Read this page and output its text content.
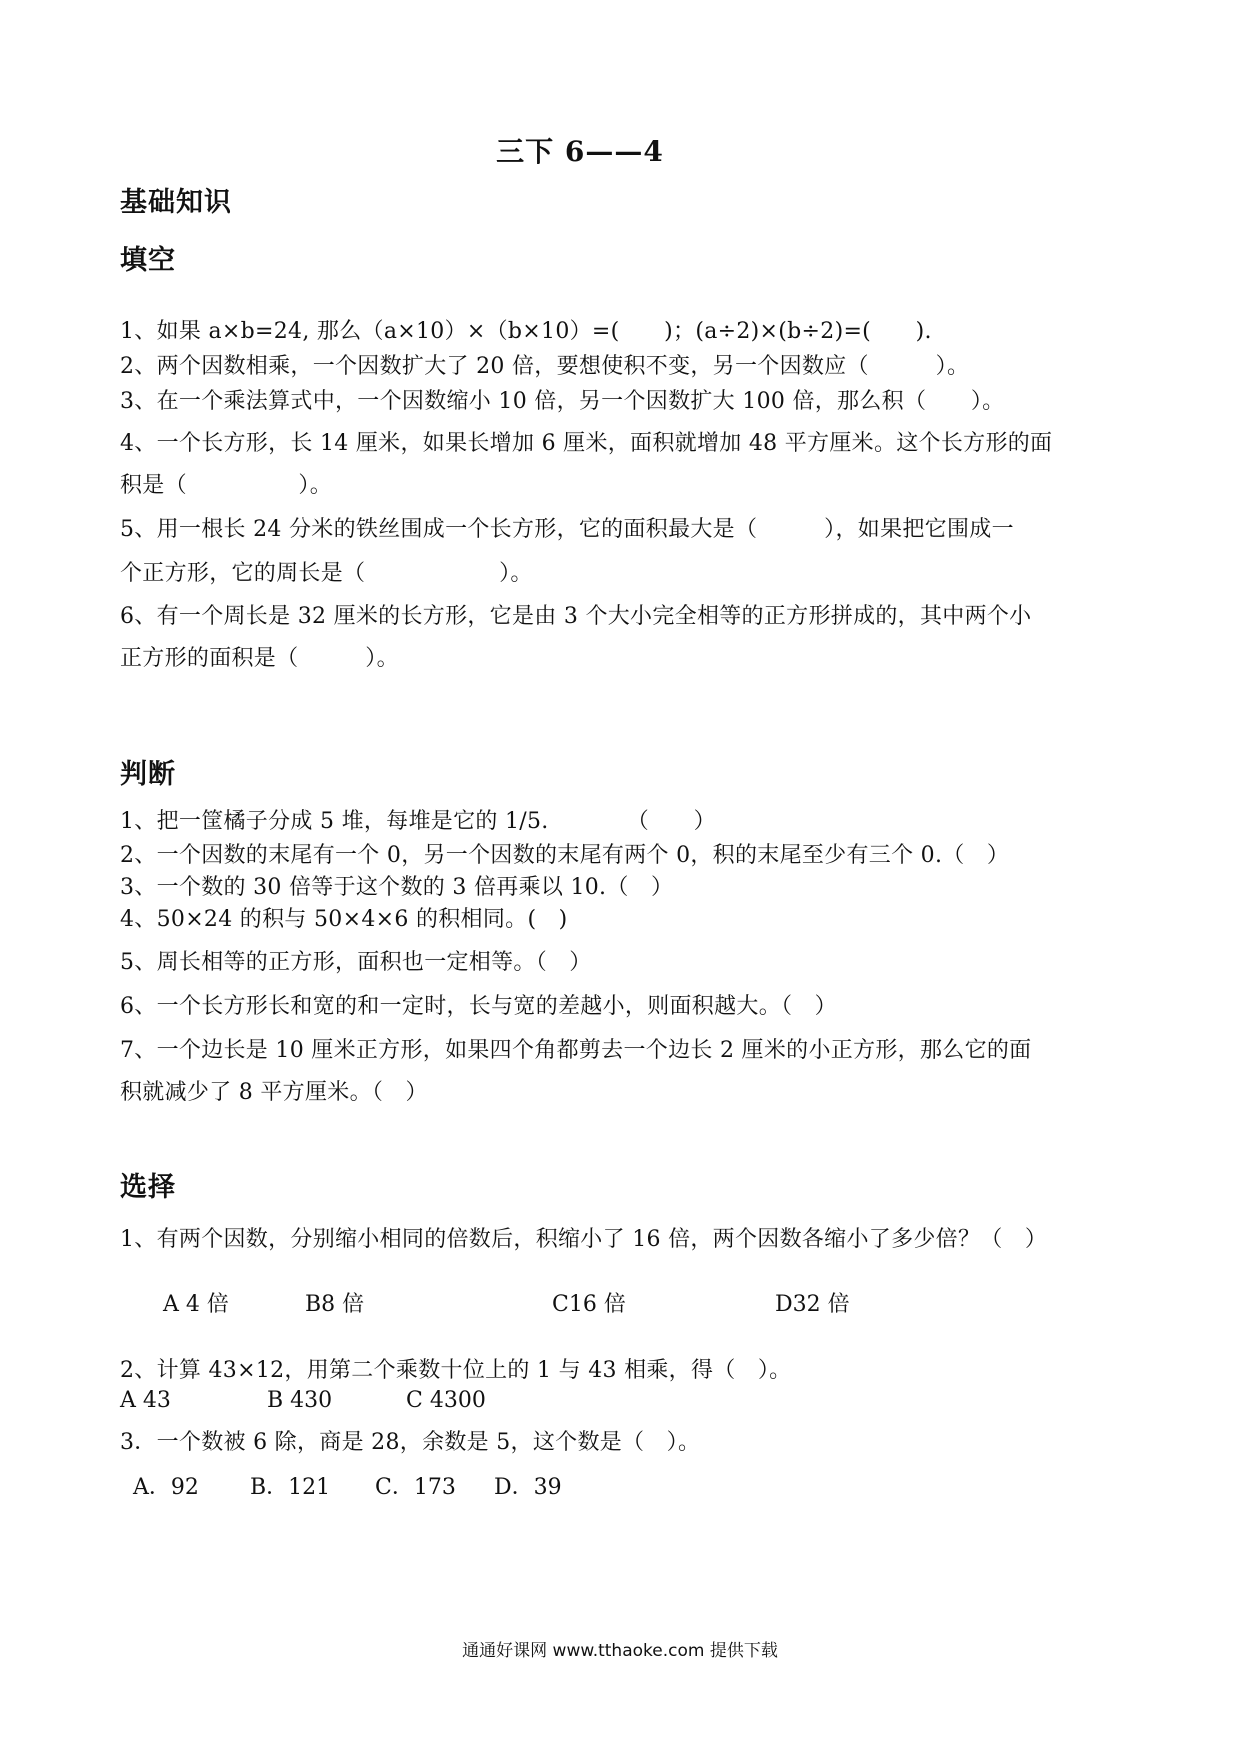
三下 6——4
基础知识
填空
1、如果 a×b=24, 那么（a×10）×（b×10）=(　　)；(a÷2)×(b÷2)=(　　).
2、两个因数相乘，一个因数扩大了 20 倍，要想使积不变，另一个因数应（　　　）。
3、在一个乘法算式中，一个因数缩小 10 倍，另一个因数扩大 100 倍，那么积（　　）。
4、一个长方形，长 14 厘米，如果长增加 6 厘米，面积就增加 48 平方厘米。这个长方形的面
积是（　　　　　）。
5、用一根长 24 分米的铁丝围成一个长方形，它的面积最大是（　　　），如果把它围成一
个正方形，它的周长是（　　　　　　）。
6、有一个周长是 32 厘米的长方形，它是由 3 个大小完全相等的正方形拼成的，其中两个小
正方形的面积是（　　　）。
判断
1、把一筐橘子分成 5 堆，每堆是它的 1/5.　　　　（　　）
2、一个因数的末尾有一个 0，另一个因数的末尾有两个 0，积的末尾至少有三个 0.（　）
3、一个数的 30 倍等于这个数的 3 倍再乘以 10.（　）
4、50×24 的积与 50×4×6 的积相同。(　)
5、周长相等的正方形，面积也一定相等。（　）
6、一个长方形长和宽的和一定时，长与宽的差越小，则面积越大。（　）
7、一个边长是 10 厘米正方形，如果四个角都剪去一个边长 2 厘米的小正方形，那么它的面
积就减少了 8 平方厘米。（　）
选择
1、有两个因数，分别缩小相同的倍数后，积缩小了 16 倍，两个因数各缩小了多少倍？（　）
A 4 倍	B8 倍	C16 倍	D32 倍
2、计算 43×12，用第二个乘数十位上的 1 与 43 相乘，得（　）。
A 43	B 430	C 4300
3．一个数被 6 除，商是 28，余数是 5，这个数是（　）。
A．92 B．121 C．173 D．39
通通好课网 www.tthaoke.com 提供下载
